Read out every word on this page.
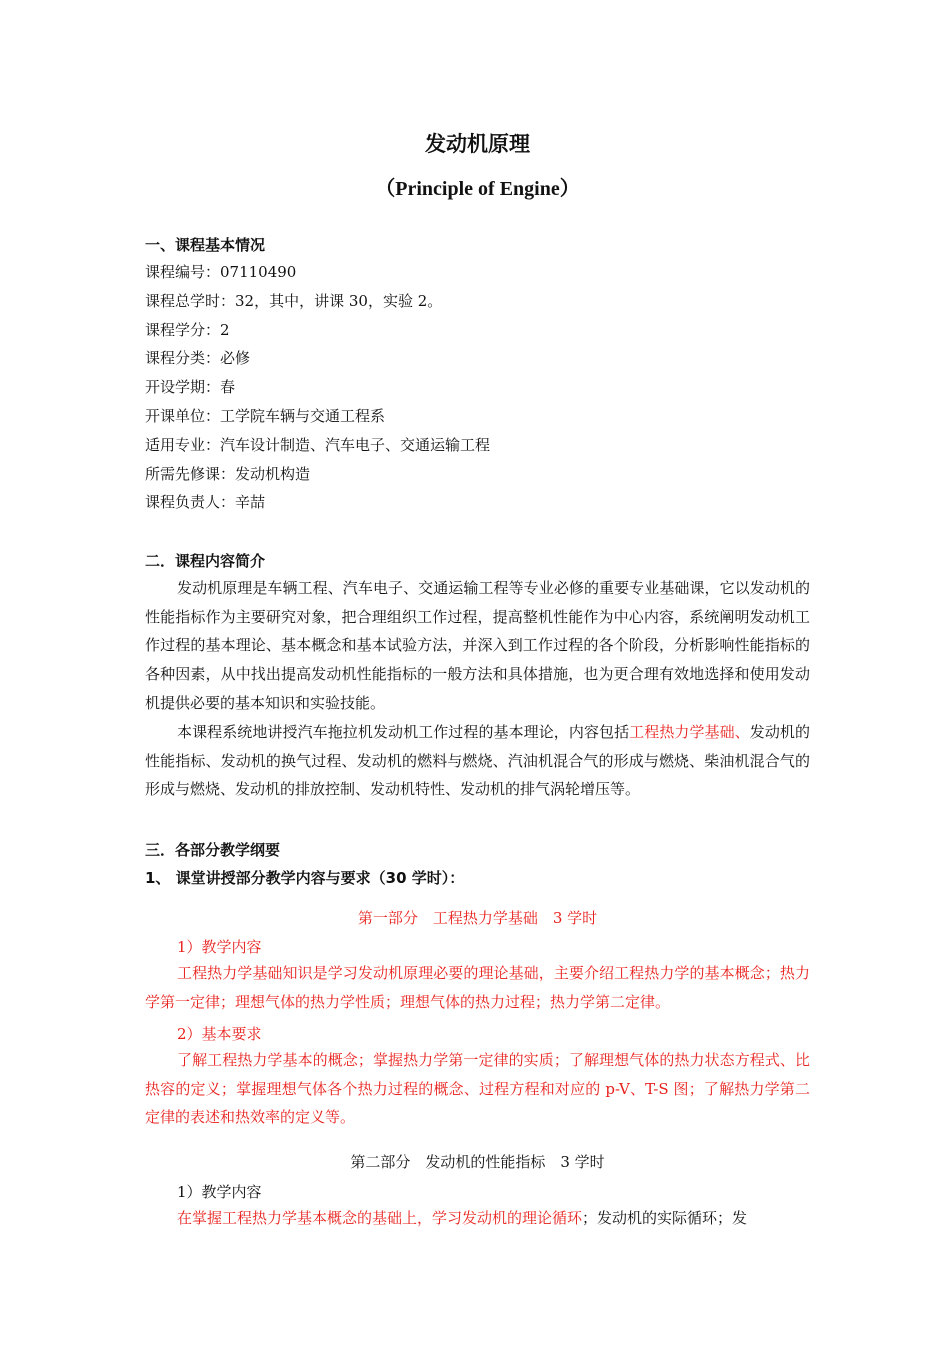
发动机原理
（Principle of Engine）
一、课程基本情况
课程编号：07110490
课程总学时：32，其中，讲课 30，实验 2。
课程学分：2
课程分类：必修
开设学期：春
开课单位：工学院车辆与交通工程系
适用专业：汽车设计制造、汽车电子、交通运输工程
所需先修课：发动机构造
课程负责人：辛喆
二．课程内容简介
发动机原理是车辆工程、汽车电子、交通运输工程等专业必修的重要专业基础课，它以发动机的性能指标作为主要研究对象，把合理组织工作过程，提高整机性能作为中心内容，系统阐明发动机工作过程的基本理论、基本概念和基本试验方法，并深入到工作过程的各个阶段，分析影响性能指标的各种因素，从中找出提高发动机性能指标的一般方法和具体措施，也为更合理有效地选择和使用发动机提供必要的基本知识和实验技能。
本课程系统地讲授汽车拖拉机发动机工作过程的基本理论，内容包括工程热力学基础、发动机的性能指标、发动机的换气过程、发动机的燃料与燃烧、汽油机混合气的形成与燃烧、柴油机混合气的形成与燃烧、发动机的排放控制、发动机特性、发动机的排气涡轮增压等。
三．各部分教学纲要
1、 课堂讲授部分教学内容与要求（30 学时）：
第一部分　工程热力学基础　3 学时
1）教学内容
工程热力学基础知识是学习发动机原理必要的理论基础，主要介绍工程热力学的基本概念；热力学第一定律；理想气体的热力学性质；理想气体的热力过程；热力学第二定律。
2）基本要求
了解工程热力学基本的概念；掌握热力学第一定律的实质；了解理想气体的热力状态方程式、比热容的定义；掌握理想气体各个热力过程的概念、过程方程和对应的 p-V、T-S 图；了解热力学第二定律的表述和热效率的定义等。
第二部分　发动机的性能指标　3 学时
1）教学内容
在掌握工程热力学基本概念的基础上，学习发动机的理论循环；发动机的实际循环；发
